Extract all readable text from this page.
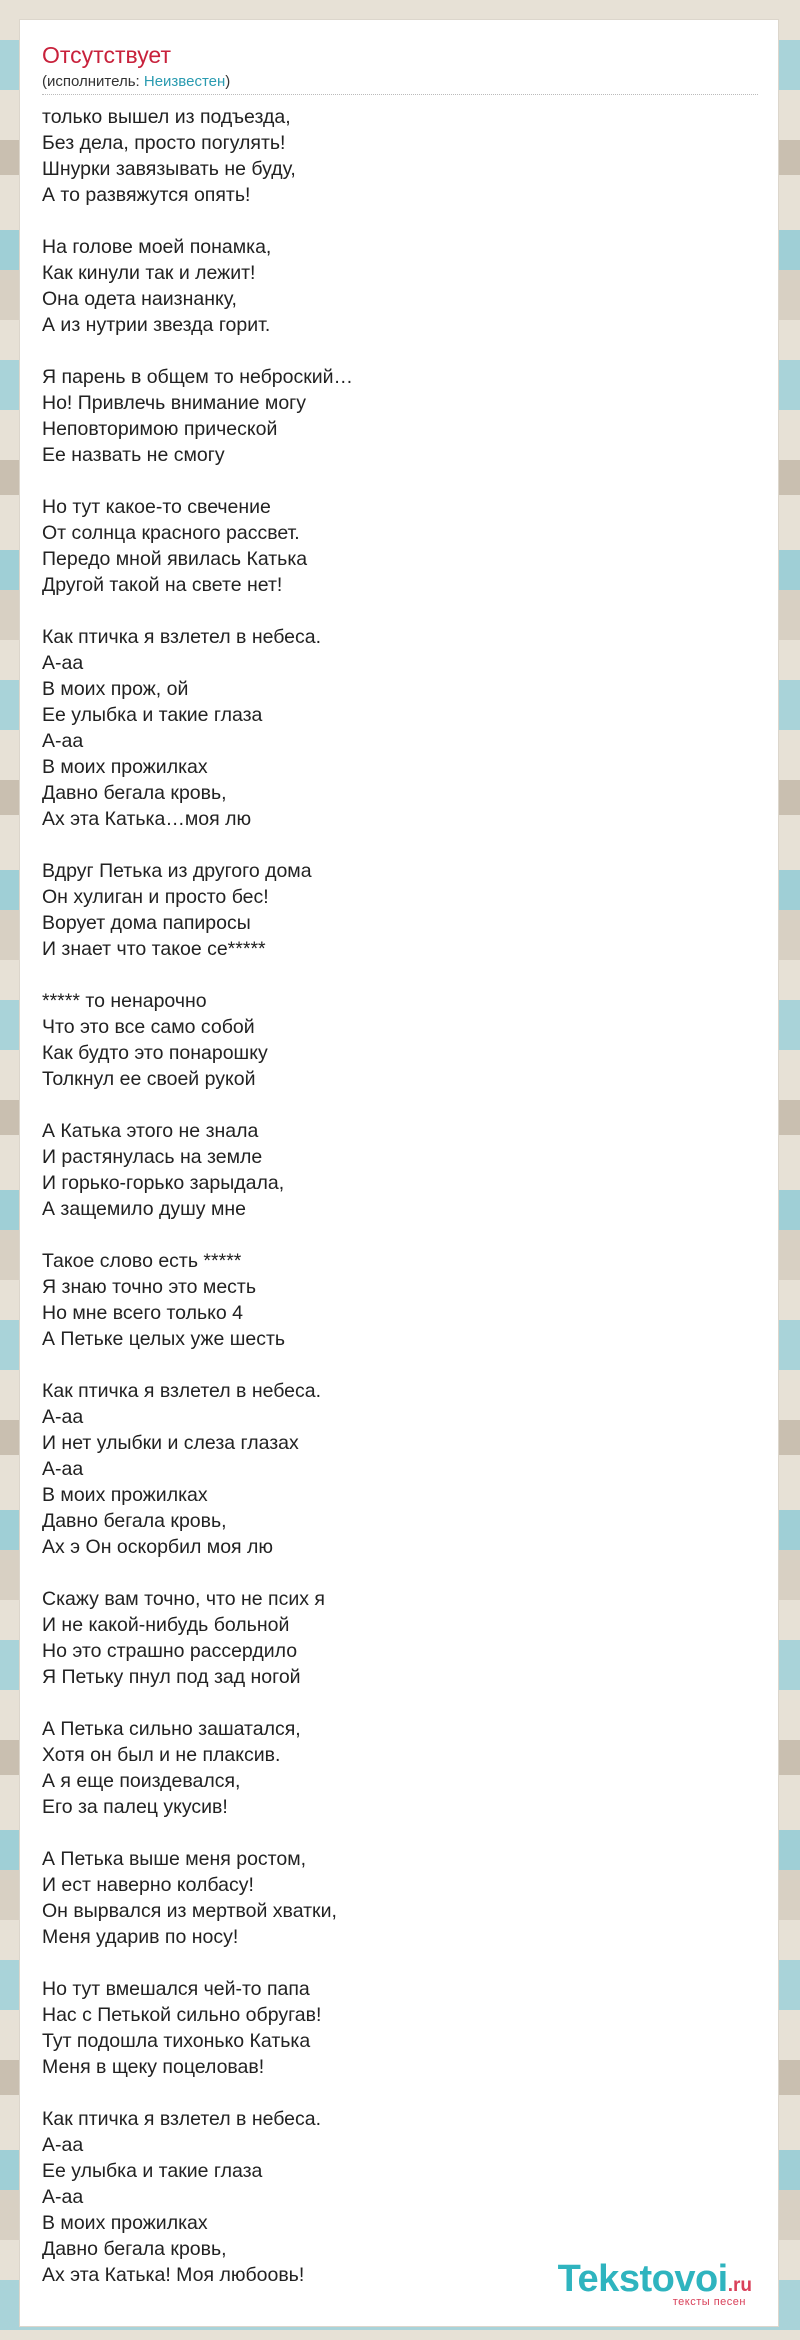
Отсутствует
(исполнитель: Неизвестен)
только вышел из подъезда,
Без дела, просто погулять!
Шнурки завязывать не буду,
А то развяжутся опять!
На голове моей понамка,
Как кинули так и лежит!
Она одета наизнанку,
А из нутрии звезда горит.
Я парень в общем то неброский…
Но! Привлечь внимание могу
Неповторимою прической
Ее назвать не смогу
Но тут какое-то свечение
От солнца красного рассвет.
Передо мной явилась Катька
Другой такой на свете нет!
Как птичка я взлетел в небеса.
А-аа
В моих прож, ой
Ее улыбка и такие глаза
А-аа
В моих прожилках
Давно бегала кровь,
Ах эта Катька…моя лю
Вдруг Петька из другого дома
Он хулиган и просто бес!
Ворует дома папиросы
И знает что такое се*****
***** то ненарочно
Что это все само собой
Как будто это понарошку
Толкнул ее своей рукой
А Катька этого не знала
И растянулась на земле
И горько-горько зарыдала,
А защемило душу мне
Такое слово есть *****
Я знаю точно это месть
Но мне всего только 4
А Петьке целых уже шесть
Как птичка я взлетел в небеса.
А-аа
И нет улыбки и слеза глазах
А-аа
В моих прожилках
Давно бегала кровь,
Ах э Он оскорбил моя лю
Скажу вам точно, что не псих я
И не какой-нибудь больной
Но это страшно рассердило
Я Петьку пнул под зад ногой
А Петька сильно зашатался,
Хотя он был и не плаксив.
А я еще поиздевался,
Его за палец укусив!
А Петька выше меня ростом,
И ест наверно колбасу!
Он вырвался из мертвой хватки,
Меня ударив по носу!
Но тут вмешался чей-то папа
Нас с Петькой сильно обругав!
Тут подошла тихонько Катька
Меня в щеку поцеловав!
Как птичка я взлетел в небеса.
А-аа
Ее улыбка и такие глаза
А-аа
В моих прожилках
Давно бегала кровь,
Ах эта Катька! Моя любоовь!	Tekstovoi.ru
тексты песен
